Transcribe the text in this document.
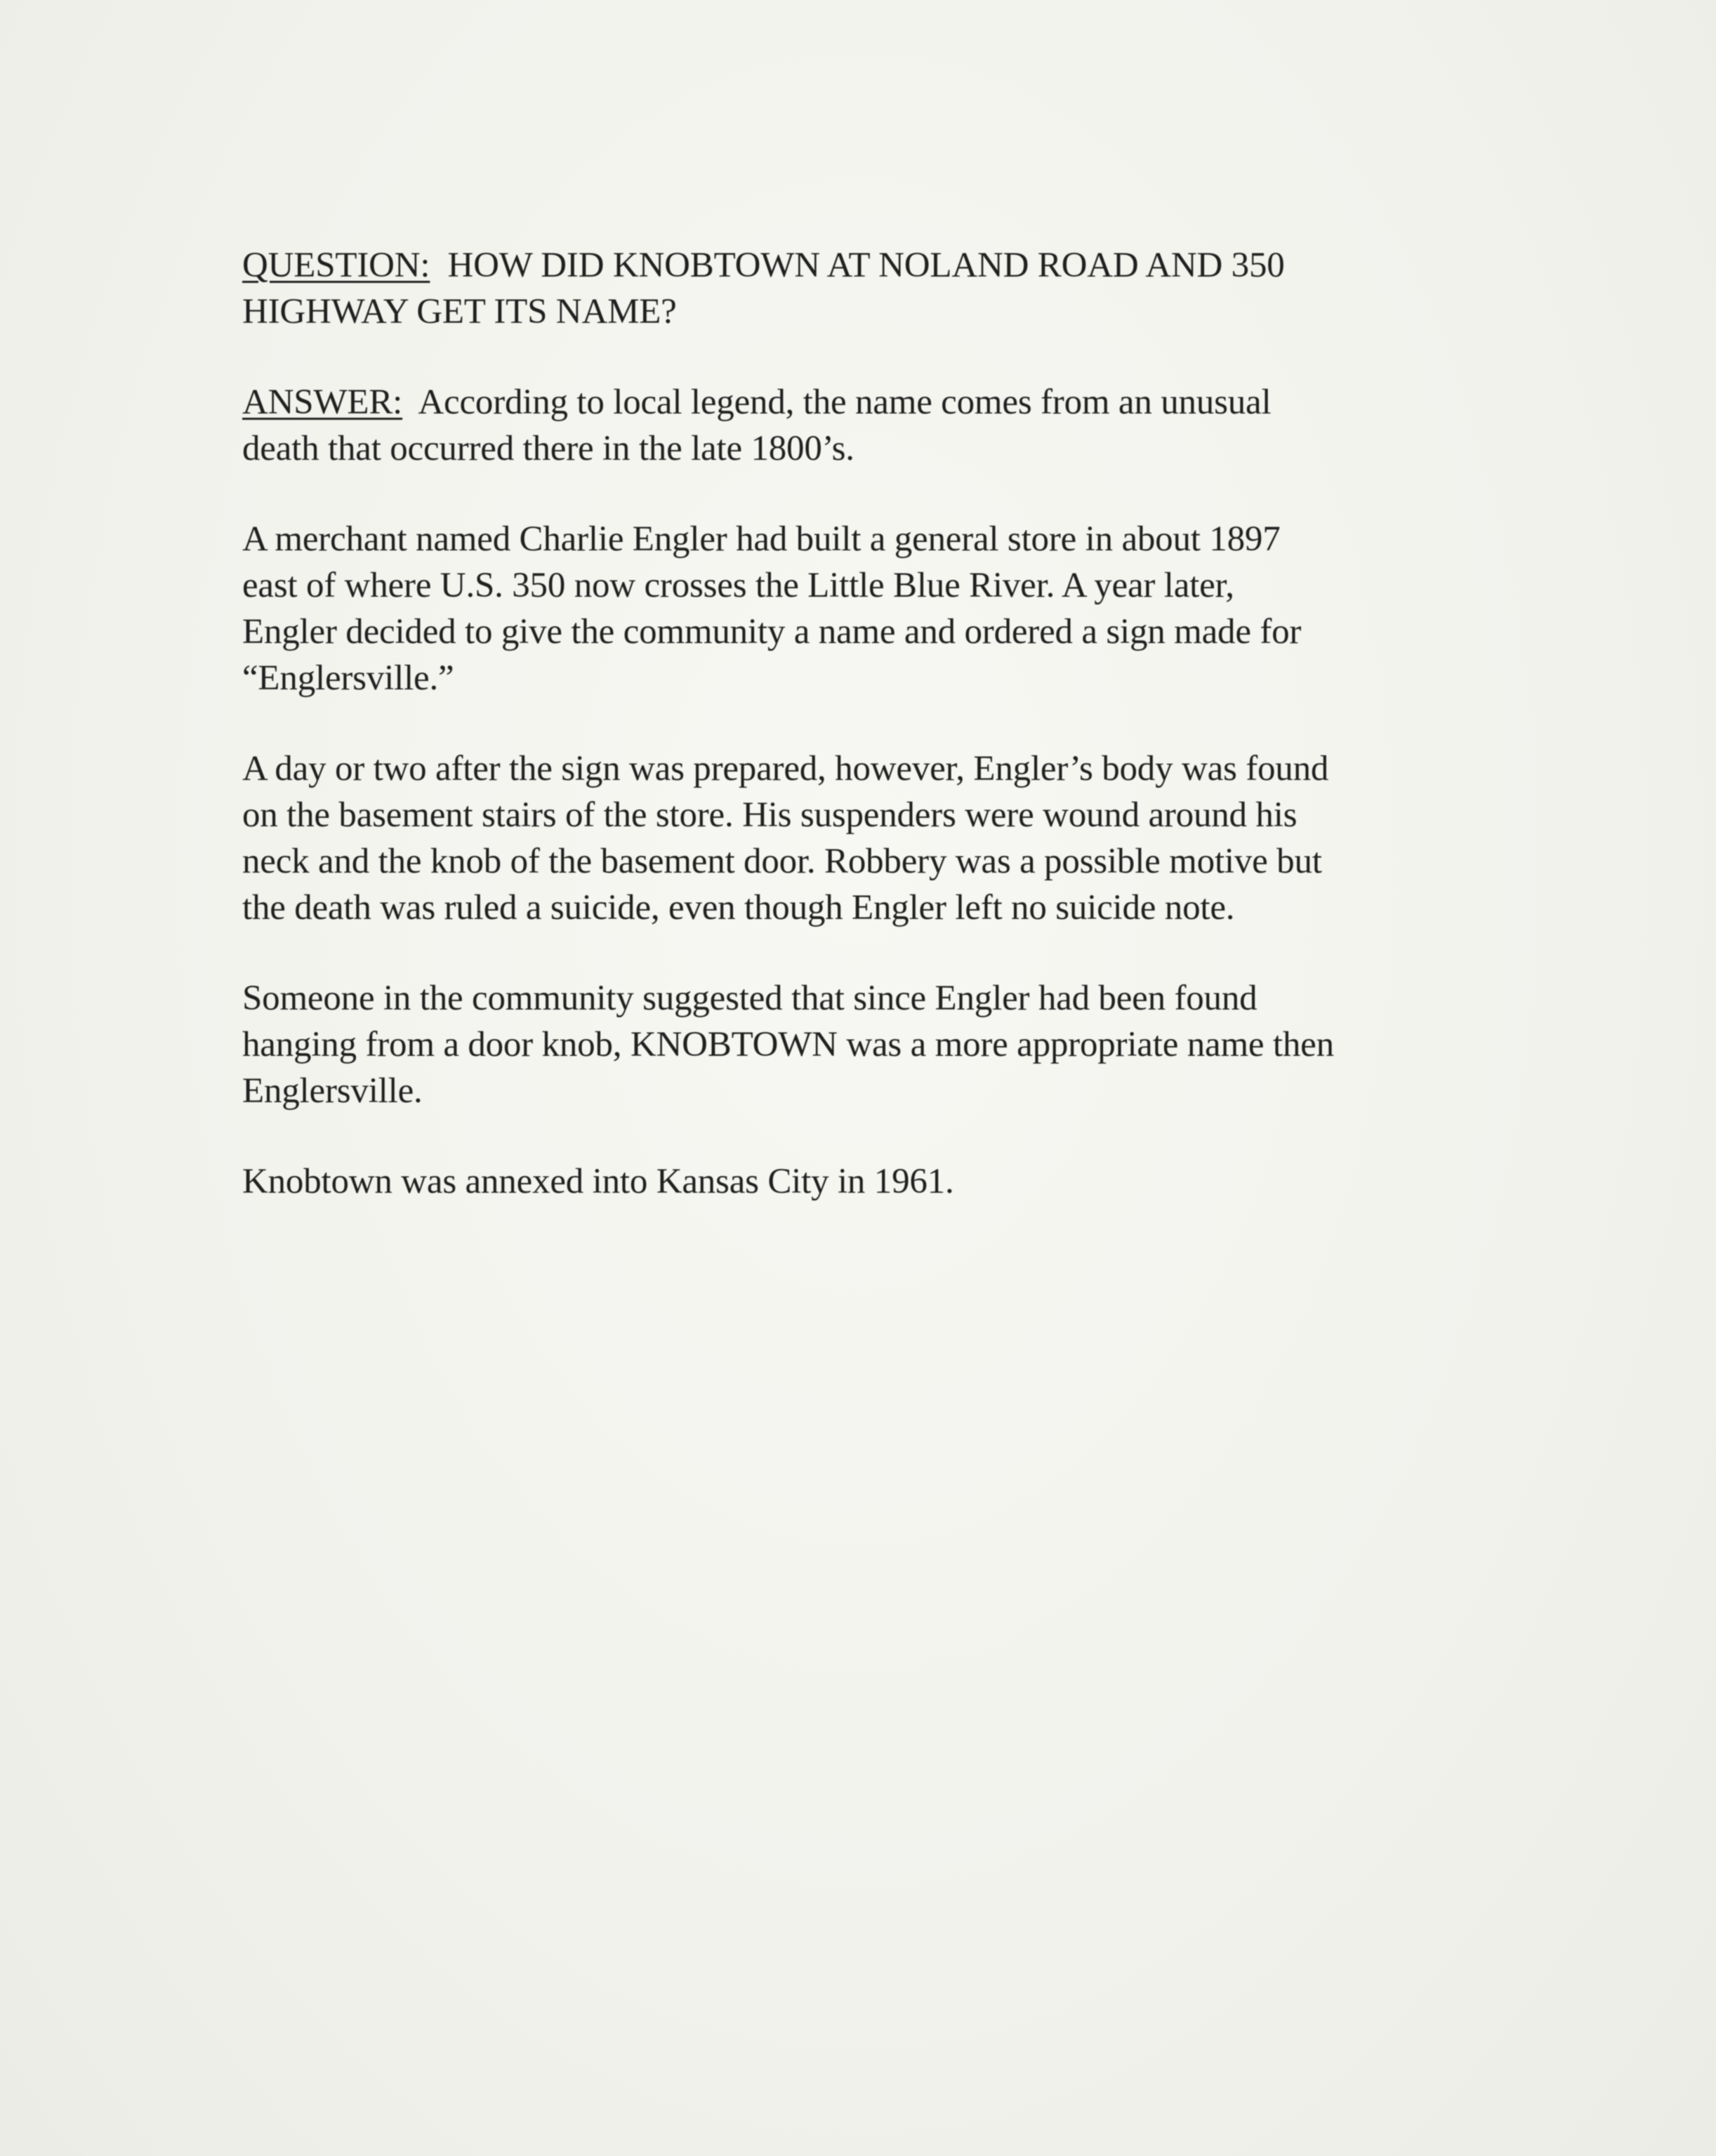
QUESTION: HOW DID KNOBTOWN AT NOLAND ROAD AND 350
HIGHWAY GET ITS NAME?

ANSWER: According to local legend, the name comes from an unusual
death that occurred there in the late 1800’s.

A merchant named Charlie Engler had built a general store in about 1897
east of where U.S. 350 now crosses the Little Blue River. A year later,
Engler decided to give the community a name and ordered a sign made for
“Englersville.”

A day or two after the sign was prepared, however, Engler’s body was found
on the basement stairs of the store. His suspenders were wound around his
neck and the knob of the basement door. Robbery was a possible motive but
the death was ruled a suicide, even though Engler left no suicide note.

Someone in the community suggested that since Engler had been found
hanging from a door knob, KNOBTOWN was a more appropriate name then
Englersville.

Knobtown was annexed into Kansas City in 1961.
